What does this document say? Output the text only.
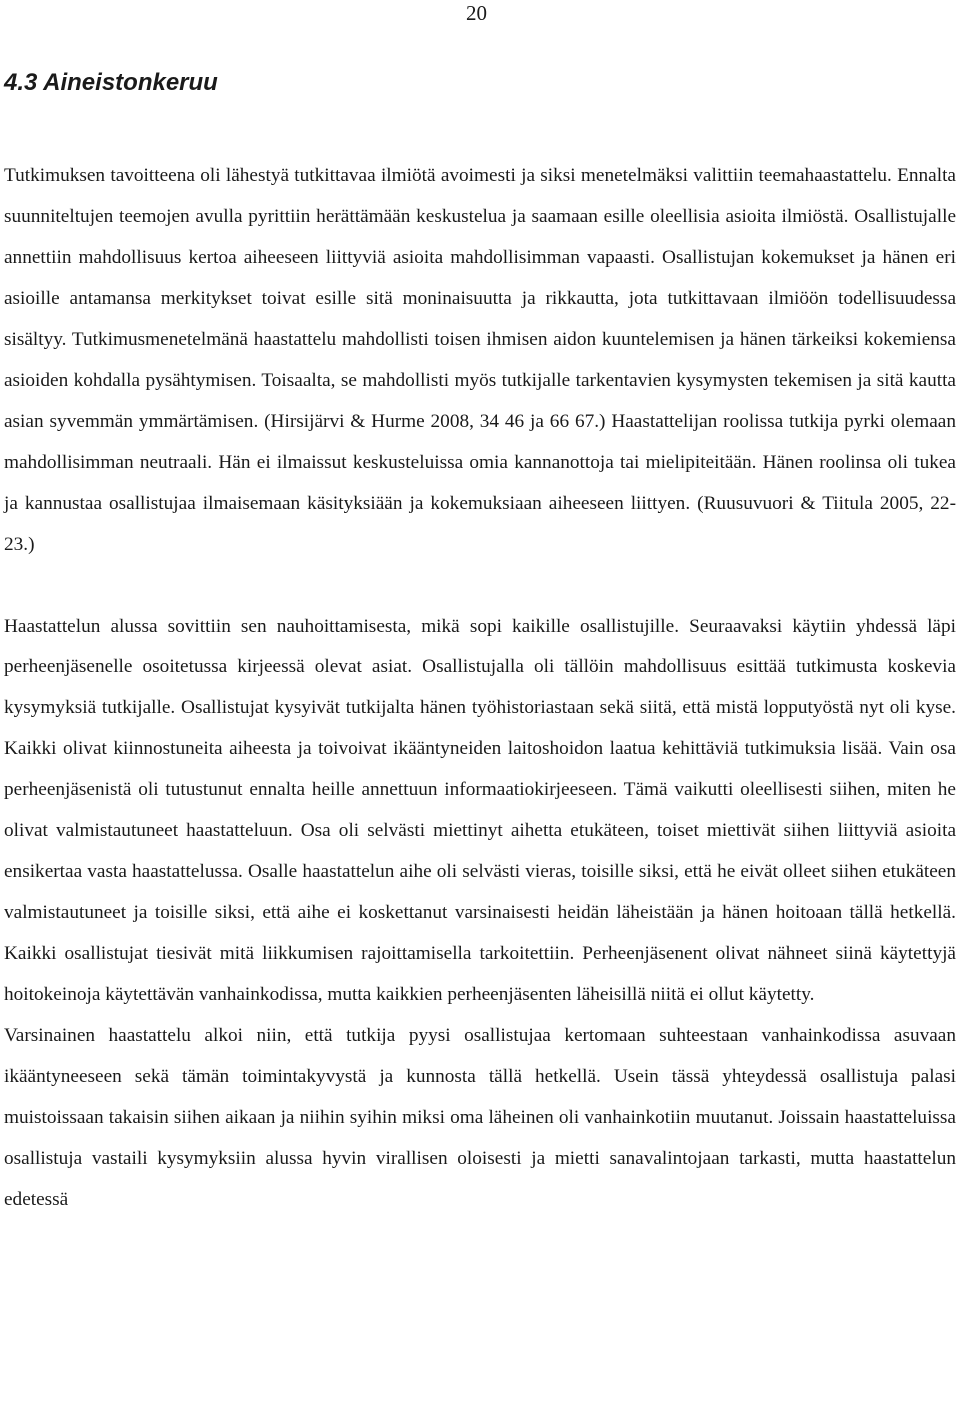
20
4.3 Aineistonkeruu

Tutkimuksen tavoitteena oli lähestyä tutkittavaa ilmiötä avoimesti ja siksi menetelmäksi valittiin teemahaastattelu. Ennalta suunniteltujen teemojen avulla pyrittiin herättämään keskustelua ja saamaan esille oleellisia asioita ilmiöstä. Osallistujalle annettiin mahdollisuus kertoa aiheeseen liittyviä asioita mahdollisimman vapaasti. Osallistujan kokemukset ja hänen eri asioille antamansa merkitykset toivat esille sitä moninaisuutta ja rikkautta, jota tutkittavaan ilmiöön todellisuudessa sisältyy. Tutkimusmenetelmänä haastattelu mahdollisti toisen ihmisen aidon kuuntelemisen ja hänen tärkeiksi kokemiensa asioiden kohdalla pysähtymisen. Toisaalta, se mahdollisti myös tutkijalle tarkentavien kysymysten tekemisen ja sitä kautta asian syvemmän ymmärtämisen. (Hirsijärvi & Hurme 2008, 34 46 ja 66 67.) Haastattelijan roolissa tutkija pyrki olemaan mahdollisimman neutraali. Hän ei ilmaissut keskusteluissa omia kannanottoja tai mielipiteitään. Hänen roolinsa oli tukea ja kannustaa osallistujaa ilmaisemaan käsityksiään ja kokemuksiaan aiheeseen liittyen. (Ruusuvuori & Tiitula 2005, 22- 23.)

Haastattelun alussa sovittiin sen nauhoittamisesta, mikä sopi kaikille osallistujille. Seuraavaksi käytiin yhdessä läpi perheenjäsenelle osoitetussa kirjeessä olevat asiat. Osallistujalla oli tällöin mahdollisuus esittää tutkimusta koskevia kysymyksiä tutkijalle. Osallistujat kysyivät tutkijalta hänen työhistoriastaan sekä siitä, että mistä lopputyöstä nyt oli kyse. Kaikki olivat kiinnostuneita aiheesta ja toivoivat ikääntyneiden laitoshoidon laatua kehittäviä tutkimuksia lisää. Vain osa perheenjäsenistä oli tutustunut ennalta heille annettuun informaatiokirjeeseen. Tämä vaikutti oleellisesti siihen, miten he olivat valmistautuneet haastatteluun. Osa oli selvästi miettinyt aihetta etukäteen, toiset miettivät siihen liittyviä asioita ensikertaa vasta haastattelussa. Osalle haastattelun aihe oli selvästi vieras, toisille siksi, että he eivät olleet siihen etukäteen valmistautuneet ja toisille siksi, että aihe ei koskettanut varsinaisesti heidän läheistään ja hänen hoitoaan tällä hetkellä. Kaikki osallistujat tiesivät mitä liikkumisen rajoittamisella tarkoitettiin. Perheenjäsenent olivat nähneet siinä käytettyjä hoitokeinoja käytettävän vanhainkodissa, mutta kaikkien perheenjäsenten läheisillä niitä ei ollut käytetty.

Varsinainen haastattelu alkoi niin, että tutkija pyysi osallistujaa kertomaan suhteestaan vanhainkodissa asuvaan ikääntyneeseen sekä tämän toimintakyvystä ja kunnosta tällä hetkellä. Usein tässä yhteydessä osallistuja palasi muistoissaan takaisin siihen aikaan ja niihin syihin miksi oma läheinen oli vanhainkotiin muutanut. Joissain haastatteluissa osallistuja vastaili kysymyksiin alussa hyvin virallisen oloisesti ja mietti sanavalintojaan tarkasti, mutta haastattelun edetessä
